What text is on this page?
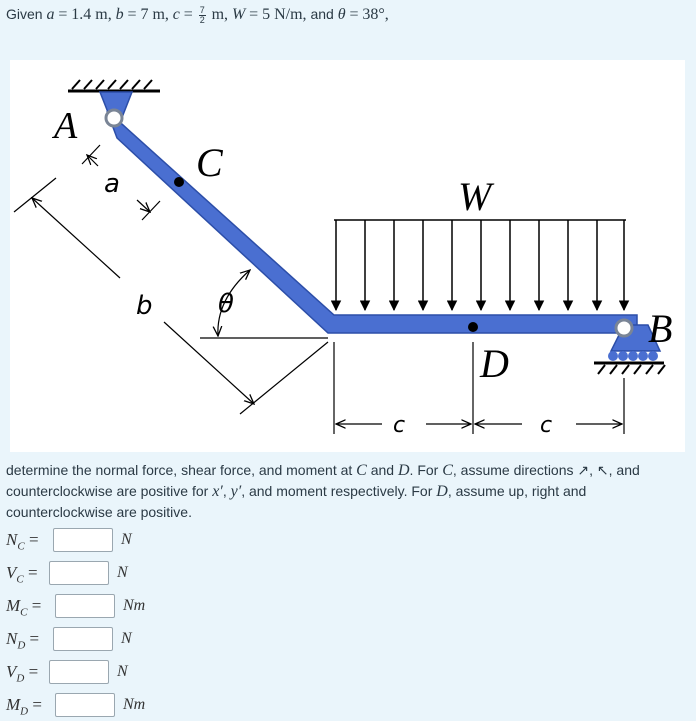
Given a = 1.4 m, b = 7 m, $c = \frac{7}{2} m$, W = 5 N/m, and θ = 38°,
A
C
W
a
b	θ
D
B
c	c
determine the normal force, shear force, and moment at C and D. For C, assume directions ↗, ↖, and counterclockwise are positive for x′, y′, and moment respectively. For D, assume up, right and counterclockwise are positive.
$N_C$ =	N
$V_C$ =	N
$M_C$ =	Nm
$N_D$ =	N
$V_D$ =	N
$M_D$ =	Nm
